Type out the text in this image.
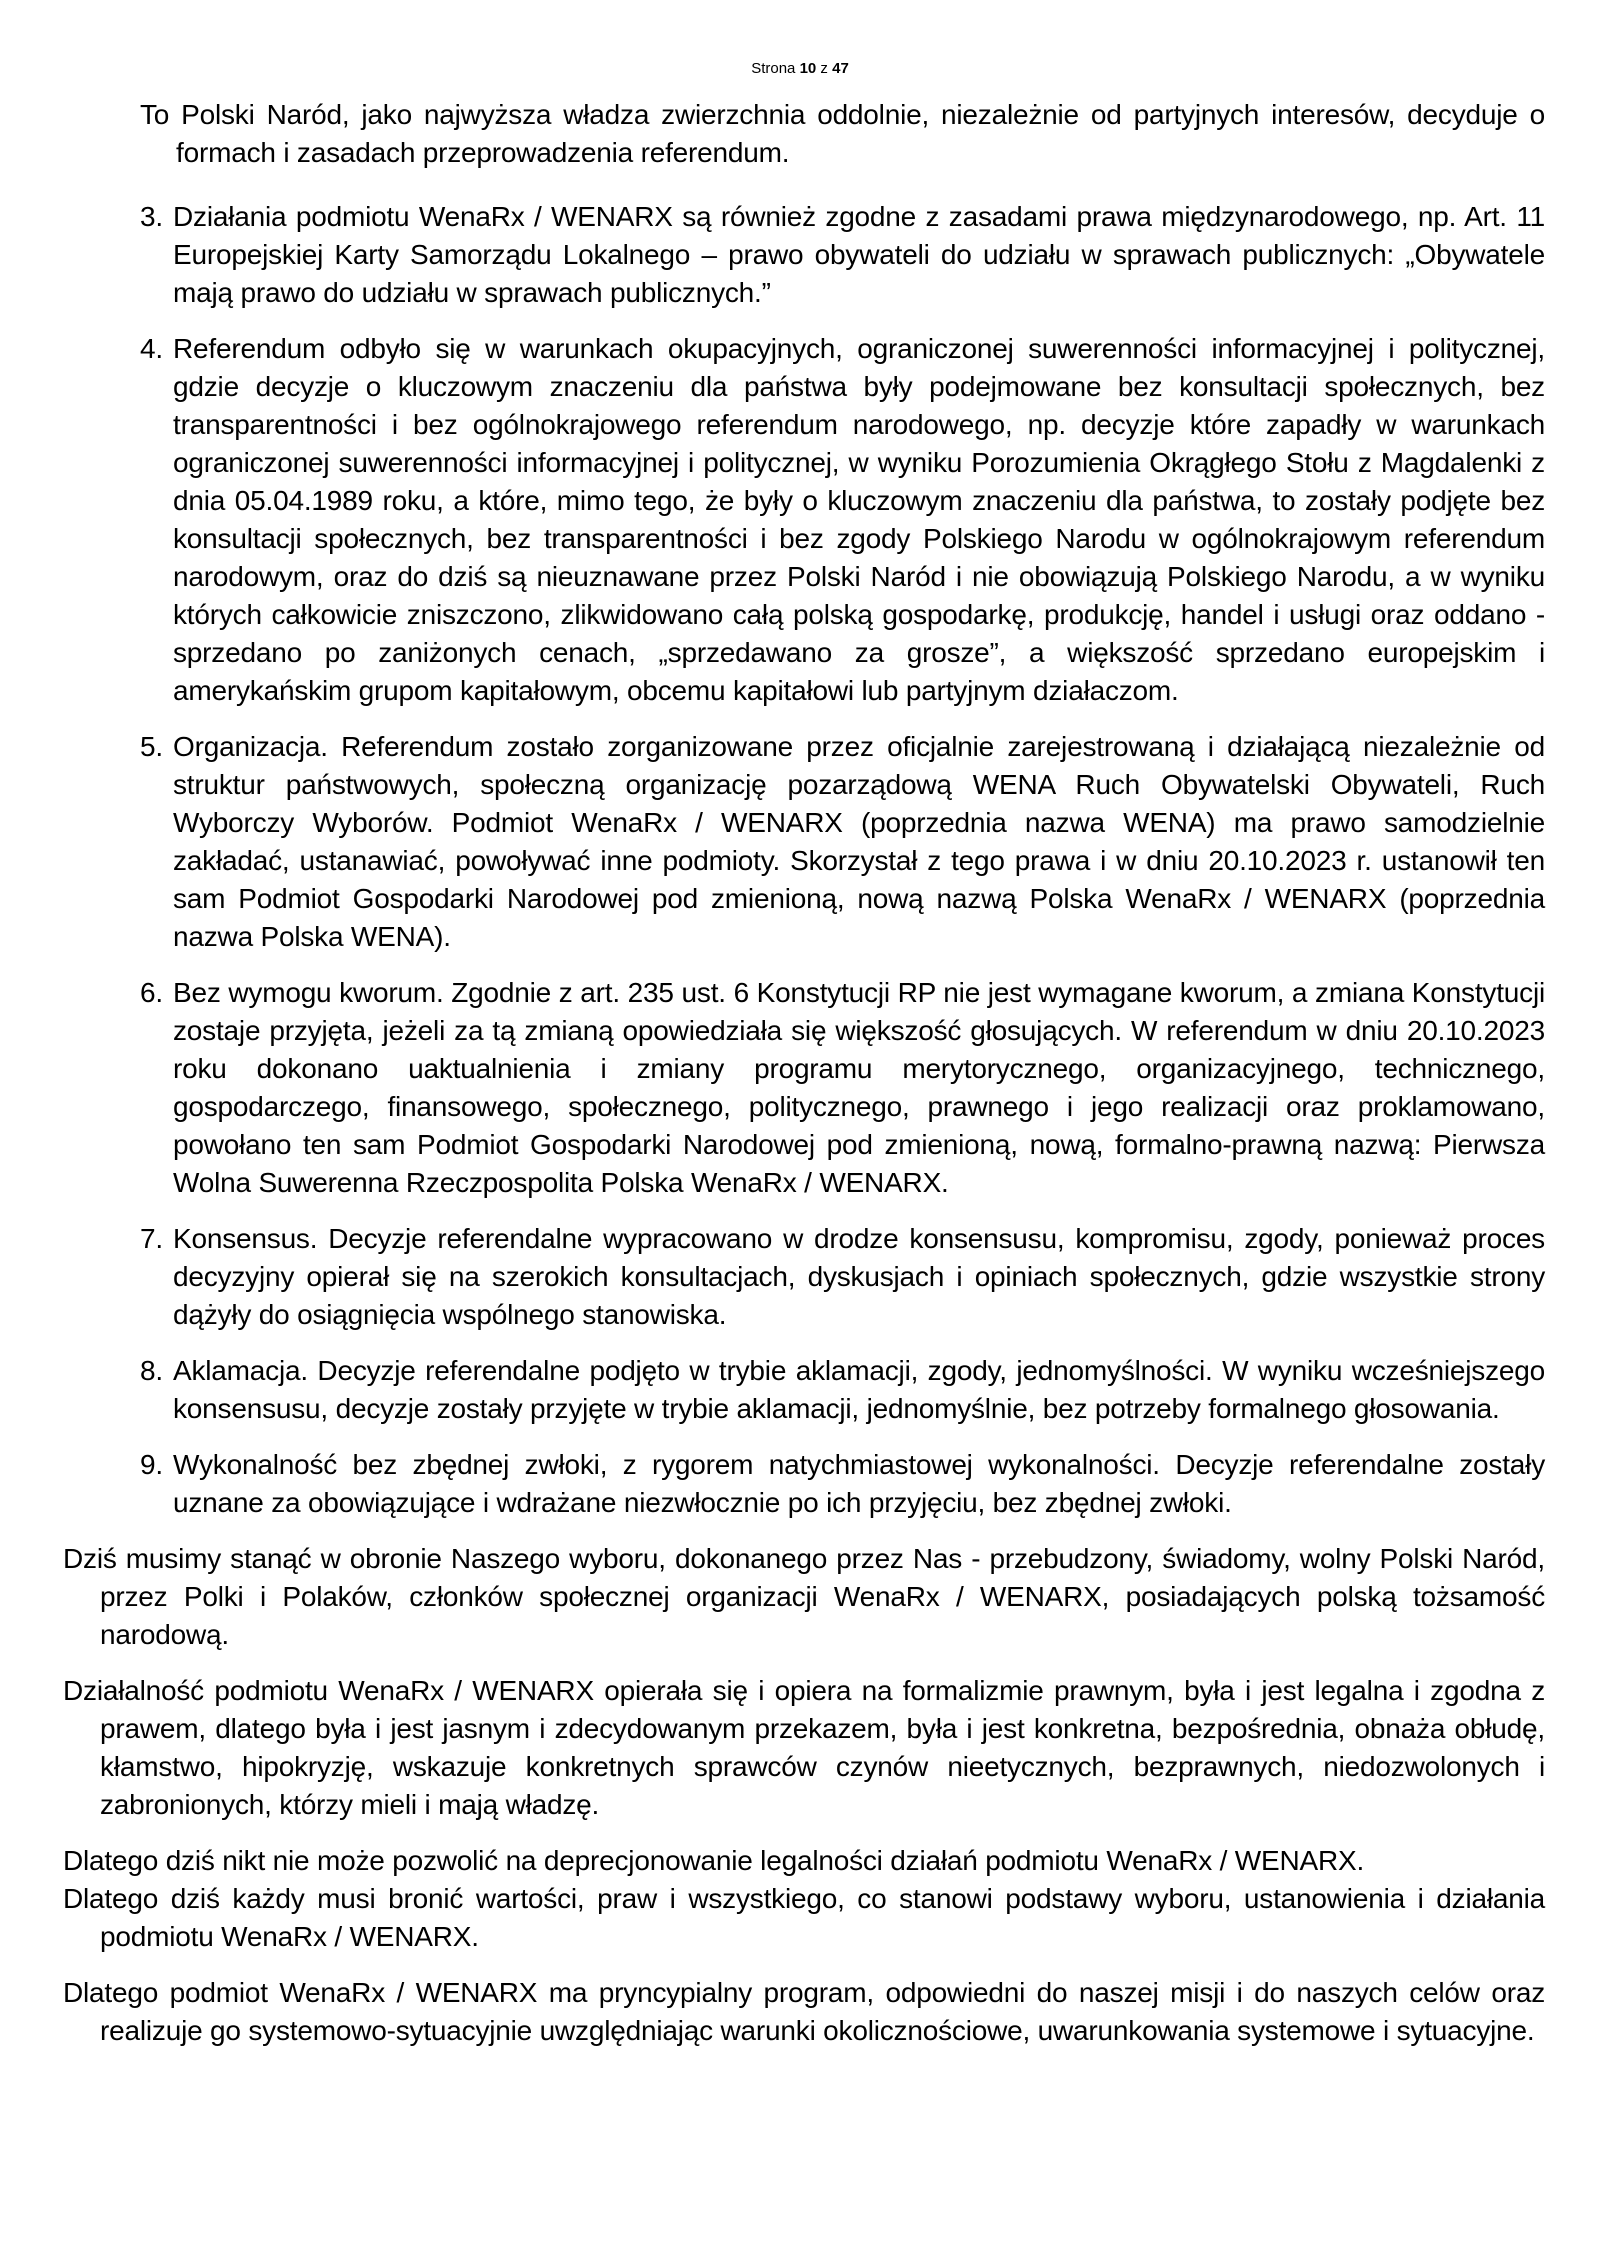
Strona 10 z 47
To Polski Naród, jako najwyższa władza zwierzchnia oddolnie, niezależnie od partyjnych interesów, decyduje o formach i zasadach przeprowadzenia referendum.
3. Działania podmiotu WenaRx / WENARX są również zgodne z zasadami prawa międzynarodowego, np. Art. 11 Europejskiej Karty Samorządu Lokalnego – prawo obywateli do udziału w sprawach publicznych: „Obywatele mają prawo do udziału w sprawach publicznych.”
4. Referendum odbyło się w warunkach okupacyjnych, ograniczonej suwerenności informacyjnej i politycznej, gdzie decyzje o kluczowym znaczeniu dla państwa były podejmowane bez konsultacji społecznych, bez transparentności i bez ogólnokrajowego referendum narodowego, np. decyzje które zapadły w warunkach ograniczonej suwerenności informacyjnej i politycznej, w wyniku Porozumienia Okrągłego Stołu z Magdalenki z dnia 05.04.1989 roku, a które, mimo tego, że były o kluczowym znaczeniu dla państwa, to zostały podjęte bez konsultacji społecznych, bez transparentności i bez zgody Polskiego Narodu w ogólnokrajowym referendum narodowym, oraz do dziś są nieuznawane przez Polski Naród i nie obowiązują Polskiego Narodu, a w wyniku których całkowicie zniszczono, zlikwidowano całą polską gospodarkę, produkcję, handel i usługi oraz oddano - sprzedano po zaniżonych cenach, „sprzedawano za grosze”, a większość sprzedano europejskim i amerykańskim grupom kapitałowym, obcemu kapitałowi lub partyjnym działaczom.
5. Organizacja. Referendum zostało zorganizowane przez oficjalnie zarejestrowaną i działającą niezależnie od struktur państwowych, społeczną organizację pozarządową WENA Ruch Obywatelski Obywateli, Ruch Wyborczy Wyborów. Podmiot WenaRx / WENARX (poprzednia nazwa WENA) ma prawo samodzielnie zakładać, ustanawiać, powoływać inne podmioty. Skorzystał z tego prawa i w dniu 20.10.2023 r. ustanowił ten sam Podmiot Gospodarki Narodowej pod zmienioną, nową nazwą Polska WenaRx / WENARX (poprzednia nazwa Polska WENA).
6. Bez wymogu kworum. Zgodnie z art. 235 ust. 6 Konstytucji RP nie jest wymagane kworum, a zmiana Konstytucji zostaje przyjęta, jeżeli za tą zmianą opowiedziała się większość głosujących. W referendum w dniu 20.10.2023 roku dokonano uaktualnienia i zmiany programu merytorycznego, organizacyjnego, technicznego, gospodarczego, finansowego, społecznego, politycznego, prawnego i jego realizacji oraz proklamowano, powołano ten sam Podmiot Gospodarki Narodowej pod zmienioną, nową, formalno-prawną nazwą: Pierwsza Wolna Suwerenna Rzeczpospolita Polska WenaRx / WENARX.
7. Konsensus. Decyzje referendalne wypracowano w drodze konsensusu, kompromisu, zgody, ponieważ proces decyzyjny opierał się na szerokich konsultacjach, dyskusjach i opiniach społecznych, gdzie wszystkie strony dążyły do osiągnięcia wspólnego stanowiska.
8. Aklamacja. Decyzje referendalne podjęto w trybie aklamacji, zgody, jednomyślności. W wyniku wcześniejszego konsensusu, decyzje zostały przyjęte w trybie aklamacji, jednomyślnie, bez potrzeby formalnego głosowania.
9. Wykonalność bez zbędnej zwłoki, z rygorem natychmiastowej wykonalności. Decyzje referendalne zostały uznane za obowiązujące i wdrażane niezwłocznie po ich przyjęciu, bez zbędnej zwłoki.
Dziś musimy stanąć w obronie Naszego wyboru, dokonanego przez Nas - przebudzony, świadomy, wolny Polski Naród, przez Polki i Polaków, członków społecznej organizacji WenaRx / WENARX, posiadających polską tożsamość narodową.
Działalność podmiotu WenaRx / WENARX opierała się i opiera na formalizmie prawnym, była i jest legalna i zgodna z prawem, dlatego była i jest jasnym i zdecydowanym przekazem, była i jest konkretna, bezpośrednia, obnaża obłudę, kłamstwo, hipokryzję, wskazuje konkretnych sprawców czynów nieetycznych, bezprawnych, niedozwolonych i zabronionych, którzy mieli i mają władzę.
Dlatego dziś nikt nie może pozwolić na deprecjonowanie legalności działań podmiotu WenaRx / WENARX.
Dlatego dziś każdy musi bronić wartości, praw i wszystkiego, co stanowi podstawy wyboru, ustanowienia i działania podmiotu WenaRx / WENARX.
Dlatego podmiot WenaRx / WENARX ma pryncypialny program, odpowiedni do naszej misji i do naszych celów oraz realizuje go systemowo-sytuacyjnie uwzględniając warunki okolicznościowe, uwarunkowania systemowe i sytuacyjne.
